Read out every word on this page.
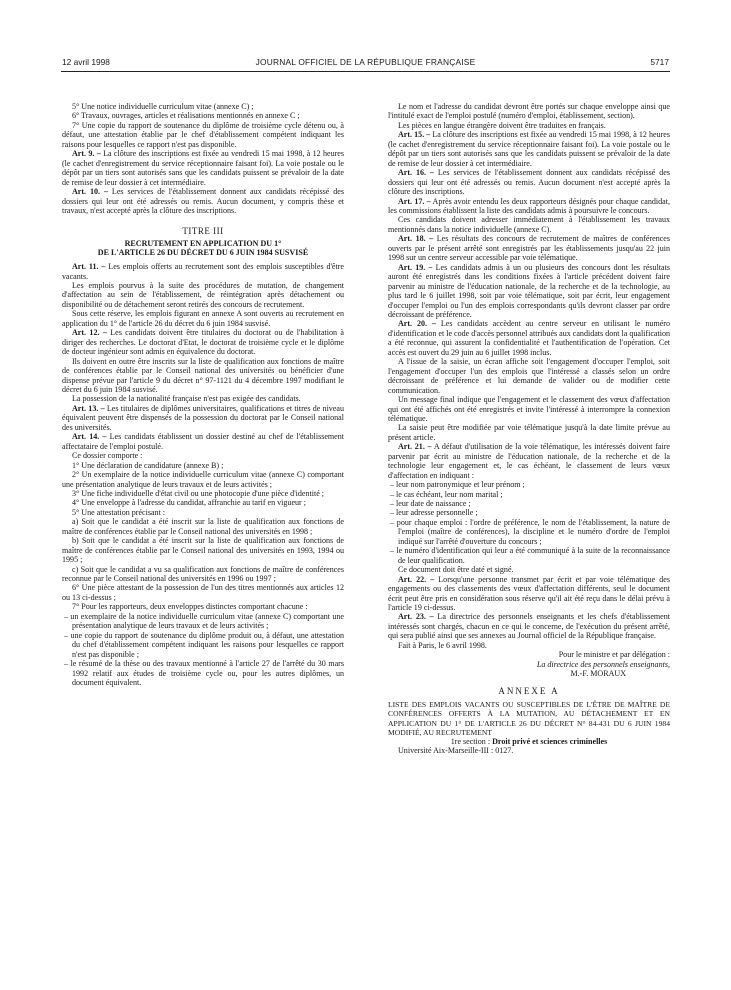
12 avril 1998	JOURNAL OFFICIEL DE LA RÉPUBLIQUE FRANÇAISE	5717

5° Une notice individuelle curriculum vitae (annexe C) ;

6° Travaux, ouvrages, articles et réalisations mentionnés en annexe C ;

7° Une copie du rapport de soutenance du diplôme de troisième cycle détenu ou, à défaut, une attestation établie par le chef d'établissement compétent indiquant les raisons pour lesquelles ce rapport n'est pas disponible.

Art. 9. – La clôture des inscriptions est fixée au vendredi 15 mai 1998, à 12 heures (le cachet d'enregistrement du service réceptionnaire faisant foi). La voie postale ou le dépôt par un tiers sont autorisés sans que les candidats puissent se prévaloir de la date de remise de leur dossier à cet intermédiaire.

Art. 10. – Les services de l'établissement donnent aux candidats récépissé des dossiers qui leur ont été adressés ou remis. Aucun document, y compris thèse et travaux, n'est accepté après la clôture des inscriptions.

TITRE III
RECRUTEMENT EN APPLICATION DU 1°
DE L'ARTICLE 26 DU DÉCRET DU 6 JUIN 1984 SUSVISÉ

Art. 11. – Les emplois offerts au recrutement sont des emplois susceptibles d'être vacants.

Les emplois pourvus à la suite des procédures de mutation, de changement d'affectation au sein de l'établissement, de réintégration après détachement ou disponibilité ou de détachement seront retirés des concours de recrutement.

Sous cette réserve, les emplois figurant en annexe A sont ouverts au recrutement en application du 1° de l'article 26 du décret du 6 juin 1984 susvisé.

Art. 12. – Les candidats doivent être titulaires du doctorat ou de l'habilitation à diriger des recherches. Le doctorat d'Etat, le doctorat de troisième cycle et le diplôme de docteur ingénieur sont admis en équivalence du doctorat.

Ils doivent en outre être inscrits sur la liste de qualification aux fonctions de maître de conférences établie par le Conseil national des universités ou bénéficier d'une dispense prévue par l'article 9 du décret n° 97-1121 du 4 décembre 1997 modifiant le décret du 6 juin 1984 susvisé.

La possession de la nationalité française n'est pas exigée des candidats.

Art. 13. – Les titulaires de diplômes universitaires, qualifications et titres de niveau équivalent peuvent être dispensés de la possession du doctorat par le Conseil national des universités.

Art. 14. – Les candidats établissent un dossier destiné au chef de l'établissement affectataire de l'emploi postulé.

Ce dossier comporte :

1° Une déclaration de candidature (annexe B) ;

2° Un exemplaire de la notice individuelle curriculum vitae (annexe C) comportant une présentation analytique de leurs travaux et de leurs activités ;

3° Une fiche individuelle d'état civil ou une photocopie d'une pièce d'identité ;

4° Une enveloppe à l'adresse du candidat, affranchie au tarif en vigueur ;

5° Une attestation précisant :

a) Soit que le candidat a été inscrit sur la liste de qualification aux fonctions de maître de conférences établie par le Conseil national des universités en 1998 ;

b) Soit que le candidat a été inscrit sur la liste de qualification aux fonctions de maître de conférences établie par le Conseil national des universités en 1993, 1994 ou 1995 ;

c) Soit que le candidat a vu sa qualification aux fonctions de maître de conférences reconnue par le Conseil national des universités en 1996 ou 1997 ;

6° Une pièce attestant de la possession de l'un des titres mentionnés aux articles 12 ou 13 ci-dessus ;

7° Pour les rapporteurs, deux enveloppes distinctes comportant chacune :

– un exemplaire de la notice individuelle curriculum vitae (annexe C) comportant une présentation analytique de leurs travaux et de leurs activités ;

– une copie du rapport de soutenance du diplôme produit ou, à défaut, une attestation du chef d'établissement compétent indiquant les raisons pour lesquelles ce rapport n'est pas disponible ;

– le résumé de la thèse ou des travaux mentionné à l'article 27 de l'arrêté du 30 mars 1992 relatif aux études de troisième cycle ou, pour les autres diplômes, un document équivalent.

Le nom et l'adresse du candidat devront être portés sur chaque enveloppe ainsi que l'intitulé exact de l'emploi postulé (numéro d'emploi, établissement, section).

Les pièces en langue étrangère doivent être traduites en français.

Art. 15. – La clôture des inscriptions est fixée au vendredi 15 mai 1998, à 12 heures (le cachet d'enregistrement du service réceptionnaire faisant foi). La voie postale ou le dépôt par un tiers sont autorisés sans que les candidats puissent se prévaloir de la date de remise de leur dossier à cet intermédiaire.

Art. 16. – Les services de l'établissement donnent aux candidats récépissé des dossiers qui leur ont été adressés ou remis. Aucun document n'est accepté après la clôture des inscriptions.

Art. 17. – Après avoir entendu les deux rapporteurs désignés pour chaque candidat, les commissions établissent la liste des candidats admis à poursuivre le concours.

Ces candidats doivent adresser immédiatement à l'établissement les travaux mentionnés dans la notice individuelle (annexe C).

Art. 18. – Les résultats des concours de recrutement de maîtres de conférences ouverts par le présent arrêté sont enregistrés par les établissements jusqu'au 22 juin 1998 sur un centre serveur accessible par voie télématique.

Art. 19. – Les candidats admis à un ou plusieurs des concours dont les résultats auront été enregistrés dans les conditions fixées à l'article précédent doivent faire parvenir au ministre de l'éducation nationale, de la recherche et de la technologie, au plus tard le 6 juillet 1998, soit par voie télématique, soit par écrit, leur engagement d'occuper l'emploi ou l'un des emplois correspondants qu'ils devront classer par ordre décroissant de préférence.

Art. 20. – Les candidats accèdent au centre serveur en utilisant le numéro d'identification et le code d'accès personnel attribués aux candidats dont la qualification a été reconnue, qui assurent la confidentialité et l'authentification de l'opération. Cet accès est ouvert du 29 juin au 6 juillet 1998 inclus.

A l'issue de la saisie, un écran affiche soit l'engagement d'occuper l'emploi, soit l'engagement d'occuper l'un des emplois que l'intéressé a classés selon un ordre décroissant de préférence et lui demande de valider ou de modifier cette communication.

Un message final indique que l'engagement et le classement des vœux d'affectation qui ont été affichés ont été enregistrés et invite l'intéressé à interrompre la connexion télématique.

La saisie peut être modifiée par voie télématique jusqu'à la date limite prévue au présent article.

Art. 21. – A défaut d'utilisation de la voie télématique, les intéressés doivent faire parvenir par écrit au ministre de l'éducation nationale, de la recherche et de la technologie leur engagement et, le cas échéant, le classement de leurs vœux d'affectation en indiquant :

– leur nom patronymique et leur prénom ;

– le cas échéant, leur nom marital ;

– leur date de naissance ;

– leur adresse personnelle ;

– pour chaque emploi : l'ordre de préférence, le nom de l'établissement, la nature de l'emploi (maître de conférences), la discipline et le numéro d'ordre de l'emploi indiqué sur l'arrêté d'ouverture du concours ;

– le numéro d'identification qui leur a été communiqué à la suite de la reconnaissance de leur qualification.

Ce document doit être daté et signé.

Art. 22. – Lorsqu'une personne transmet par écrit et par voie télématique des engagements ou des classements des vœux d'affectation différents, seul le document écrit peut être pris en considération sous réserve qu'il ait été reçu dans le délai prévu à l'article 19 ci-dessus.

Art. 23. – La directrice des personnels enseignants et les chefs d'établissement intéressés sont chargés, chacun en ce qui le concerne, de l'exécution du présent arrêté, qui sera publié ainsi que ses annexes au Journal officiel de la République française.

Fait à Paris, le 6 avril 1998.

Pour le ministre et par délégation :

La directrice des personnels enseignants,

M.-F. MORAUX

ANNEXE A

LISTE DES EMPLOIS VACANTS OU SUSCEPTIBLES DE L'ÊTRE DE MAÎTRE DE CONFÉRENCES OFFERTS À LA MUTATION, AU DÉTACHEMENT ET EN APPLICATION DU 1° DE L'ARTICLE 26 DU DÉCRET N° 84-431 DU 6 JUIN 1984 MODIFIÉ, AU RECRUTEMENT

1re section : Droit privé et sciences criminelles

Université Aix-Marseille-III : 0127.
